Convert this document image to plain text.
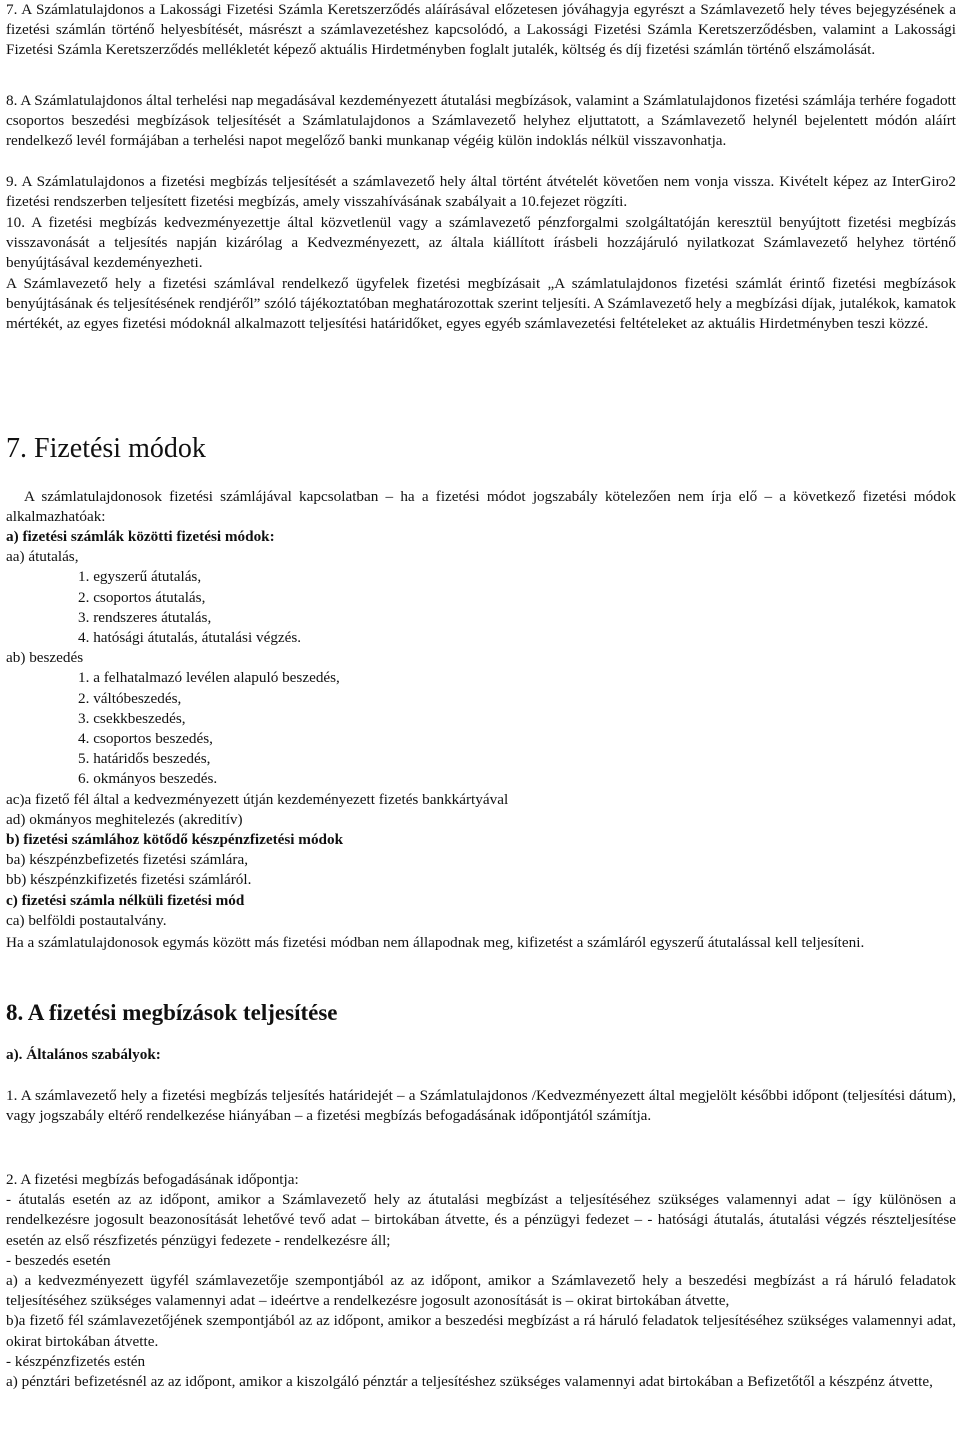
7. A Számlatulajdonos a Lakossági Fizetési Számla Keretszerződés aláírásával előzetesen jóváhagyja egyrészt a Számlavezető hely téves bejegyzésének a fizetési számlán történő helyesbítését, másrészt a számlavezetéshez kapcsolódó, a Lakossági Fizetési Számla Keretszerződésben, valamint a Lakossági Fizetési Számla Keretszerződés mellékletét képező aktuális Hirdetményben foglalt jutalék, költség és díj fizetési számlán történő elszámolását.

8. A Számlatulajdonos által terhelési nap megadásával kezdeményezett átutalási megbízások, valamint a Számlatulajdonos fizetési számlája terhére fogadott csoportos beszedési megbízások teljesítését a Számlatulajdonos a Számlavezető helyhez eljuttatott, a Számlavezető helynél bejelentett módón aláírt rendelkező levél formájában a terhelési napot megelőző banki munkanap végéig külön indoklás nélkül visszavonhatja.

9. A Számlatulajdonos a fizetési megbízás teljesítését a számlavezető hely által történt átvételét követően nem vonja vissza. Kivételt képez az InterGiro2 fizetési rendszerben teljesített fizetési megbízás, amely visszahívásának szabályait a 10.fejezet rögzíti.

10. A fizetési megbízás kedvezményezettje által közvetlenül vagy a számlavezető pénzforgalmi szolgáltatóján keresztül benyújtott fizetési megbízás visszavonását a teljesítés napján kizárólag a Kedvezményezett, az általa kiállított írásbeli hozzájáruló nyilatkozat Számlavezető helyhez történő benyújtásával kezdeményezheti.

A Számlavezető hely a fizetési számlával rendelkező ügyfelek fizetési megbízásait „A számlatulajdonos fizetési számlát érintő fizetési megbízások benyújtásának és teljesítésének rendjéről” szóló tájékoztatóban meghatározottak szerint teljesíti. A Számlavezető hely a megbízási díjak, jutalékok, kamatok mértékét, az egyes fizetési módoknál alkalmazott teljesítési határidőket, egyes egyéb számlavezetési feltételeket az aktuális Hirdetményben teszi közzé.

7. Fizetési módok

A számlatulajdonosok fizetési számlájával kapcsolatban – ha a fizetési módot jogszabály kötelezően nem írja elő – a következő fizetési módok alkalmazhatóak:

a) fizetési számlák közötti fizetési módok:
aa) átutalás,
1. egyszerű átutalás,
2. csoportos átutalás,
3. rendszeres átutalás,
4. hatósági átutalás, átutalási végzés.
ab) beszedés
1. a felhatalmazó levélen alapuló beszedés,
2. váltóbeszedés,
3. csekkbeszedés,
4. csoportos beszedés,
5. határidős beszedés,
6. okmányos beszedés.
ac)a fizető fél által a kedvezményezett útján kezdeményezett fizetés bankkártyával
ad) okmányos meghitelezés (akreditív)
b) fizetési számlához kötődő készpénzfizetési módok
ba) készpénzbefizetés fizetési számlára,
bb) készpénzkifizetés fizetési számláról.
c) fizetési számla nélküli fizetési mód
ca) belföldi postautalvány.

Ha a számlatulajdonosok egymás között más fizetési módban nem állapodnak meg, kifizetést a számláról egyszerű átutalással kell teljesíteni.

8. A fizetési megbízások teljesítése

a). Általános szabályok:

1. A számlavezető hely a fizetési megbízás teljesítés határidejét – a Számlatulajdonos /Kedvezményezett által megjelölt későbbi időpont (teljesítési dátum), vagy jogszabály eltérő rendelkezése hiányában – a fizetési megbízás befogadásának időpontjától számítja.

2. A fizetési megbízás befogadásának időpontja:
- átutalás esetén az az időpont, amikor a Számlavezető hely az átutalási megbízást a teljesítéséhez szükséges valamennyi adat – így különösen a rendelkezésre jogosult beazonosítását lehetővé tevő adat – birtokában átvette, és a pénzügyi fedezet – - hatósági átutalás, átutalási végzés részteljesítése esetén az első részfizetés pénzügyi fedezete - rendelkezésre áll;
- beszedés esetén
a) a kedvezményezett ügyfél számlavezetője szempontjából az az időpont, amikor a Számlavezető hely a beszedési megbízást a rá háruló feladatok teljesítéséhez szükséges valamennyi adat – ideértve a rendelkezésre jogosult azonosítását is – okirat birtokában átvette,
b)a fizető fél számlavezetőjének szempontjából az az időpont, amikor a beszedési megbízást a rá háruló feladatok teljesítéséhez szükséges valamennyi adat, okirat birtokában átvette.
- készpénzfizetés estén
a) pénztári befizetésnél az az időpont, amikor a kiszolgáló pénztár a teljesítéshez szükséges valamennyi adat birtokában a Befizetőtől a készpénz átvette,
